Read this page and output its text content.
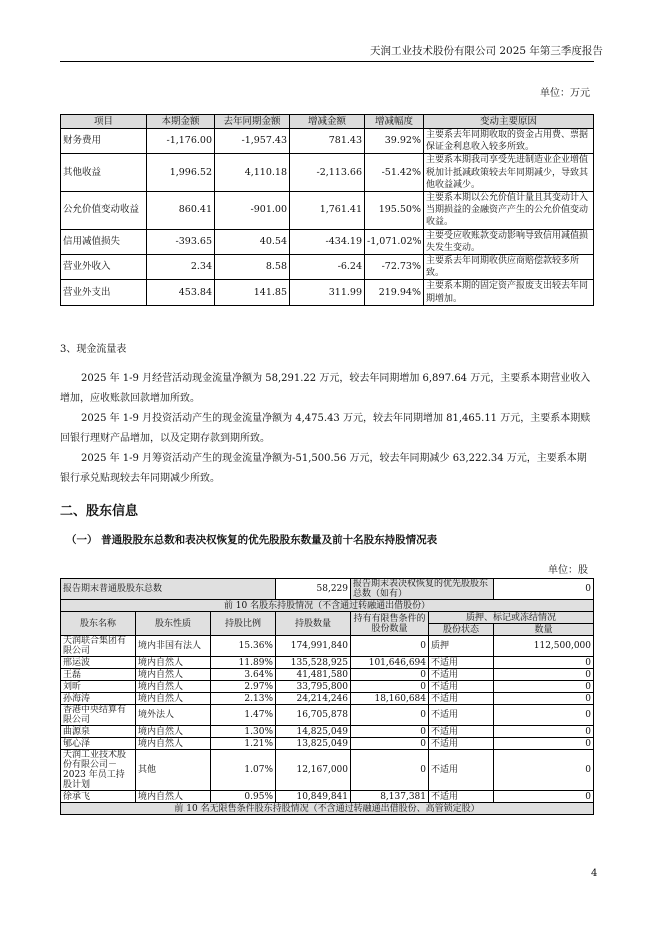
天润工业技术股份有限公司 2025 年第三季度报告
单位：万元
项目	本期金额	去年同期金额	增减金额	增减幅度	变动主要原因
财务费用	-1,176.00	-1,957.43	781.43	39.92%	主要系去年同期收取的资金占用费、票据保证金利息收入较多所致。
其他收益	1,996.52	4,110.18	-2,113.66	-51.42%	主要系本期我司享受先进制造业企业增值税加计抵减政策较去年同期减少，导致其他收益减少。
公允价值变动收益	860.41	-901.00	1,761.41	195.50%	主要系本期以公允价值计量且其变动计入当期损益的金融资产产生的公允价值变动收益。
信用减值损失	-393.65	40.54	-434.19	-1,071.02%	主要受应收账款变动影响导致信用减值损失发生变动。
营业外收入	2.34	8.58	-6.24	-72.73%	主要系去年同期收供应商赔偿款较多所致。
营业外支出	453.84	141.85	311.99	219.94%	主要系本期的固定资产报废支出较去年同期增加。
3、现金流量表

2025 年 1-9 月经营活动现金流量净额为 58,291.22 万元，较去年同期增加 6,897.64 万元，主要系本期营业收入增加，应收账款回款增加所致。

2025 年 1-9 月投资活动产生的现金流量净额为 4,475.43 万元，较去年同期增加 81,465.11 万元，主要系本期赎回银行理财产品增加，以及定期存款到期所致。

2025 年 1-9 月筹资活动产生的现金流量净额为-51,500.56 万元，较去年同期减少 63,222.34 万元，主要系本期银行承兑贴现较去年同期减少所致。

二、股东信息
（一） 普通股股东总数和表决权恢复的优先股股东数量及前十名股东持股情况表
单位：股
报告期末普通股股东总数			58,229	报告期末表决权恢复的优先股股东总数（如有）		0
前 10 名股东持股情况（不含通过转融通出借股份）						
股东名称	股东性质	持股比例	持股数量	持有有限售条件的股份数量	质押、标记或冻结情况	
					股份状态	数量
天润联合集团有限公司	境内非国有法人	15.36%	174,991,840	0	质押	112,500,000
邢运波	境内自然人	11.89%	135,528,925	101,646,694	不适用	0
王磊	境内自然人	3.64%	41,481,580	0	不适用	0
刘昕	境内自然人	2.97%	33,795,800	0	不适用	0
孙海涛	境内自然人	2.13%	24,214,246	18,160,684	不适用	0
香港中央结算有限公司	境外法人	1.47%	16,705,878	0	不适用	0
曲源泉	境内自然人	1.30%	14,825,049	0	不适用	0
郇心泽	境内自然人	1.21%	13,825,049	0	不适用	0
天润工业技术股份有限公司－2023 年员工持股计划	其他	1.07%	12,167,000	0	不适用	0
徐承飞	境内自然人	0.95%	10,849,841	8,137,381	不适用	0
前 10 名无限售条件股东持股情况（不含通过转融通出借股份、高管锁定股）						
4
